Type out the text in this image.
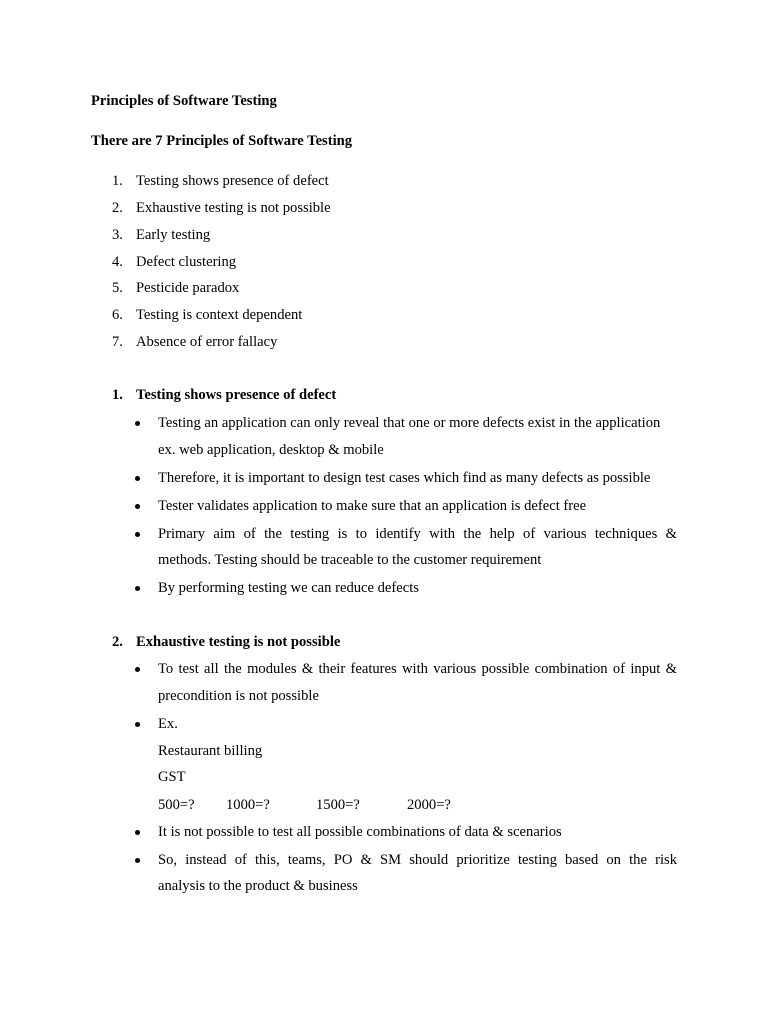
Principles of Software Testing
There are 7 Principles of Software Testing
1. Testing shows presence of defect
2. Exhaustive testing is not possible
3. Early testing
4. Defect clustering
5. Pesticide paradox
6. Testing is context dependent
7. Absence of error fallacy
1. Testing shows presence of defect
Testing an application can only reveal that one or more defects exist in the application
ex. web application, desktop & mobile
Therefore, it is important to design test cases which find as many defects as possible
Tester validates application to make sure that an application is defect free
Primary aim of the testing is to identify with the help of various techniques &
methods. Testing should be traceable to the customer requirement
By performing testing we can reduce defects
2. Exhaustive testing is not possible
To test all the modules & their features with various possible combination of input &
precondition is not possible
Ex.
Restaurant billing
GST
500=? 1000=?	1500=?	2000=?
It is not possible to test all possible combinations of data & scenarios
So, instead of this, teams, PO & SM should prioritize testing based on the risk
analysis to the product & business
